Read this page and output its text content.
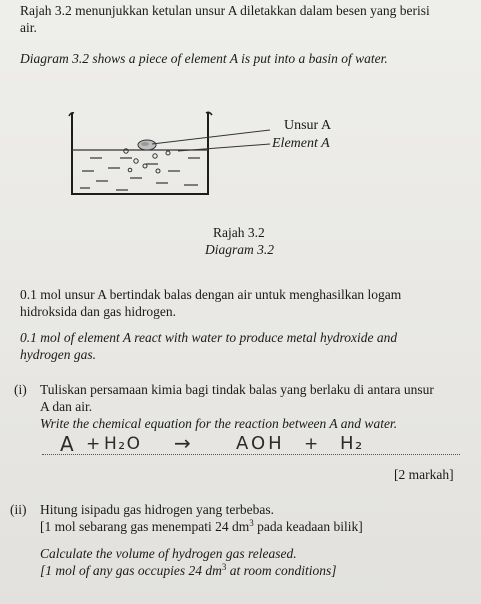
Rajah 3.2 menunjukkan ketulan unsur A diletakkan dalam besen yang berisi
air.
Diagram 3.2 shows a piece of element A is put into a basin of water.
Unsur A
Element A
Rajah 3.2
Diagram 3.2
0.1 mol unsur A bertindak balas dengan air untuk menghasilkan logam
hidroksida dan gas hidrogen.
0.1 mol of element A react with water to produce metal hydroxide and
hydrogen gas.
(i) Tuliskan persamaan kimia bagi tindak balas yang berlaku di antara unsur
A dan air.
Write the chemical equation for the reaction between A and water.
A + H₂O → AOH + H₂
[2 markah]
(ii) Hitung isipadu gas hidrogen yang terbebas.
[1 mol sebarang gas menempati 24 $dm^3$ pada keadaan bilik]
Calculate the volume of hydrogen gas released.
[1 mol of any gas occupies 24 $dm^3$ at room conditions]
